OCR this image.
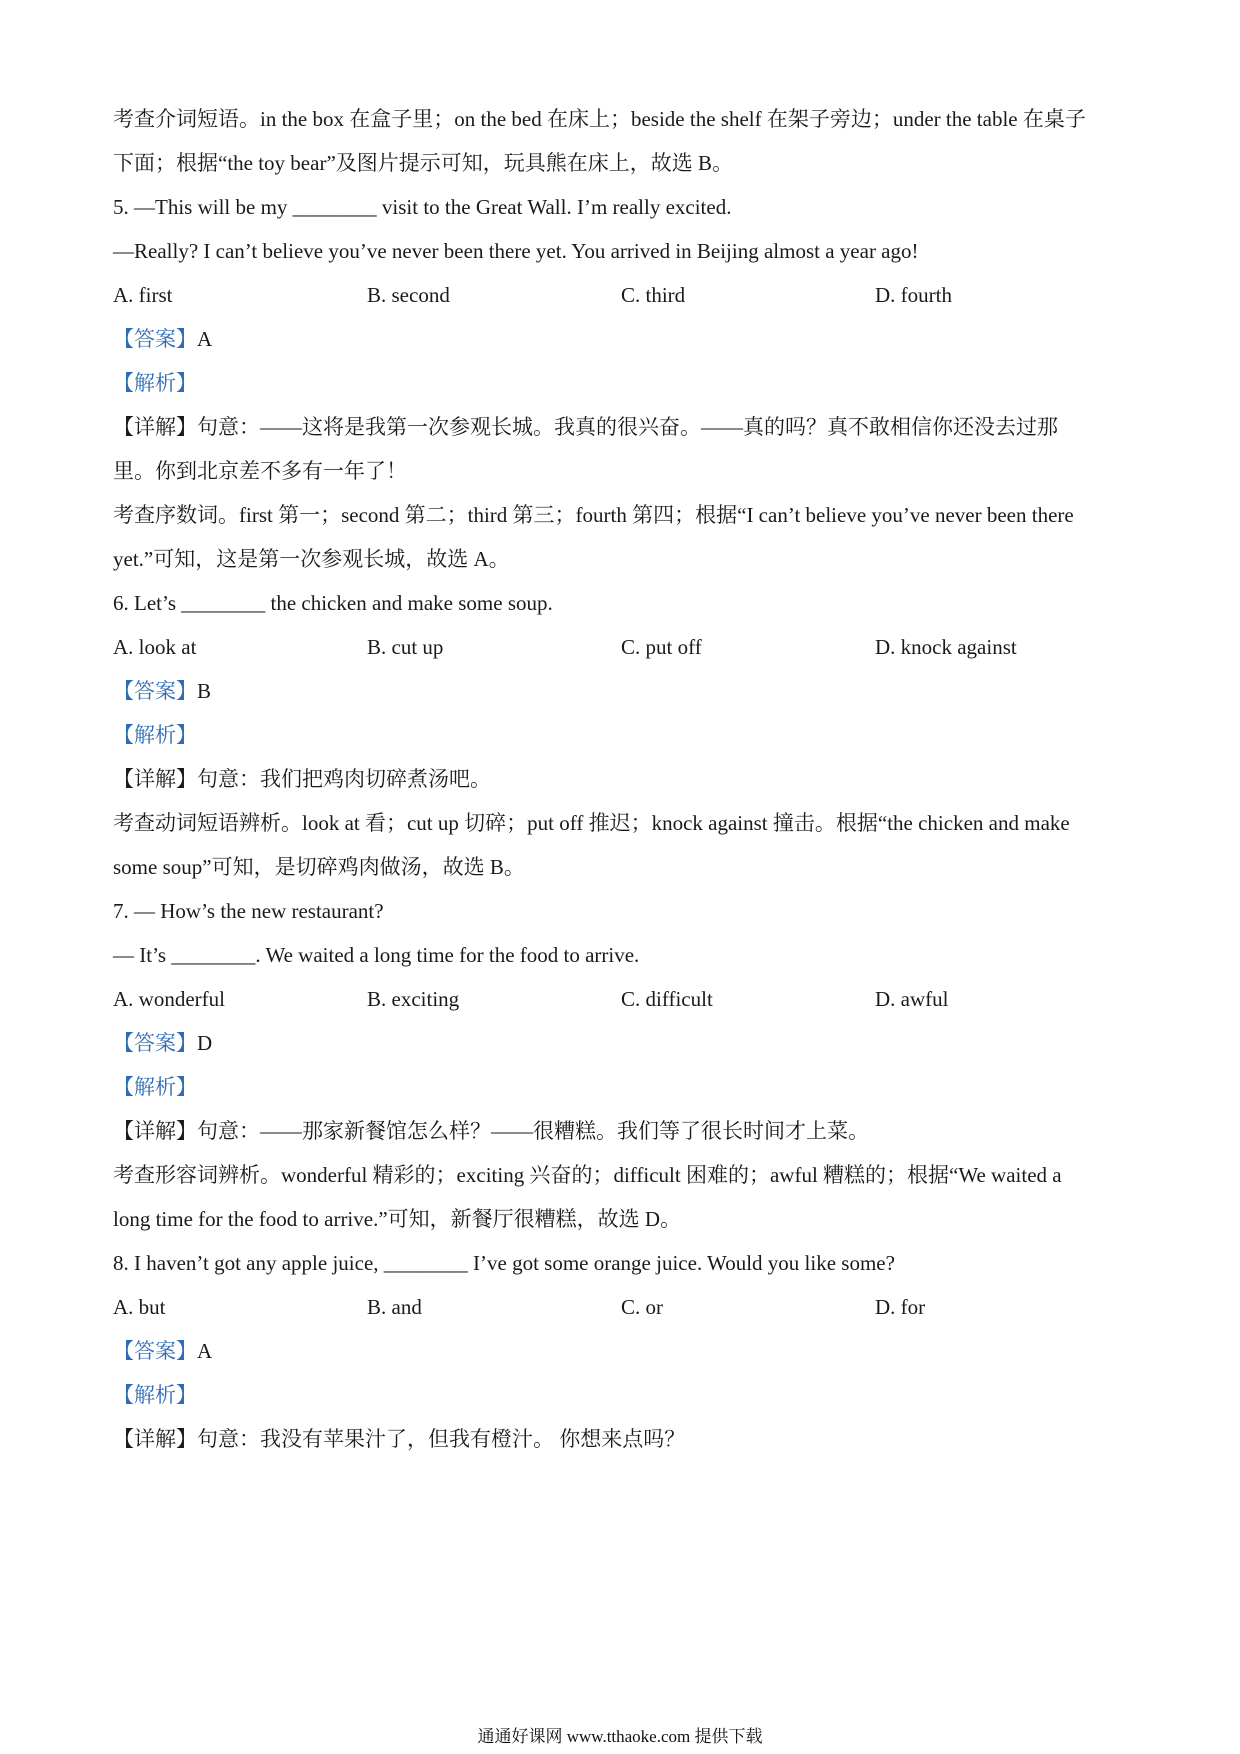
考查介词短语。in the box 在盒子里；on the bed 在床上；beside the shelf 在架子旁边；under the table 在桌子
下面；根据“the toy bear”及图片提示可知，玩具熊在床上，故选 B。
5. —This will be my ________ visit to the Great Wall. I’m really excited.
—Really? I can’t believe you’ve never been there yet. You arrived in Beijing almost a year ago!
A. first	B. second	C. third	D. fourth
【答案】A
【解析】
【详解】句意：——这将是我第一次参观长城。我真的很兴奋。——真的吗？真不敢相信你还没去过那
里。你到北京差不多有一年了！
考查序数词。first 第一；second 第二；third 第三；fourth 第四；根据“I can’t believe you’ve never been there
yet.”可知，这是第一次参观长城，故选 A。
6. Let’s ________ the chicken and make some soup.
A. look at	B. cut up	C. put off	D. knock against
【答案】B
【解析】
【详解】句意：我们把鸡肉切碎煮汤吧。
考查动词短语辨析。look at 看；cut up 切碎；put off 推迟；knock against 撞击。根据“the chicken and make
some soup”可知，是切碎鸡肉做汤，故选 B。
7. — How’s the new restaurant?
— It’s ________. We waited a long time for the food to arrive.
A. wonderful	B. exciting	C. difficult	D. awful
【答案】D
【解析】
【详解】句意：——那家新餐馆怎么样？——很糟糕。我们等了很长时间才上菜。
考查形容词辨析。wonderful 精彩的；exciting 兴奋的；difficult 困难的；awful 糟糕的；根据“We waited a
long time for the food to arrive.”可知，新餐厅很糟糕，故选 D。
8. I haven’t got any apple juice, ________ I’ve got some orange juice. Would you like some?
A. but	B. and	C. or	D. for
【答案】A
【解析】
【详解】句意：我没有苹果汁了，但我有橙汁。 你想来点吗？
通通好课网 www.tthaoke.com 提供下载
